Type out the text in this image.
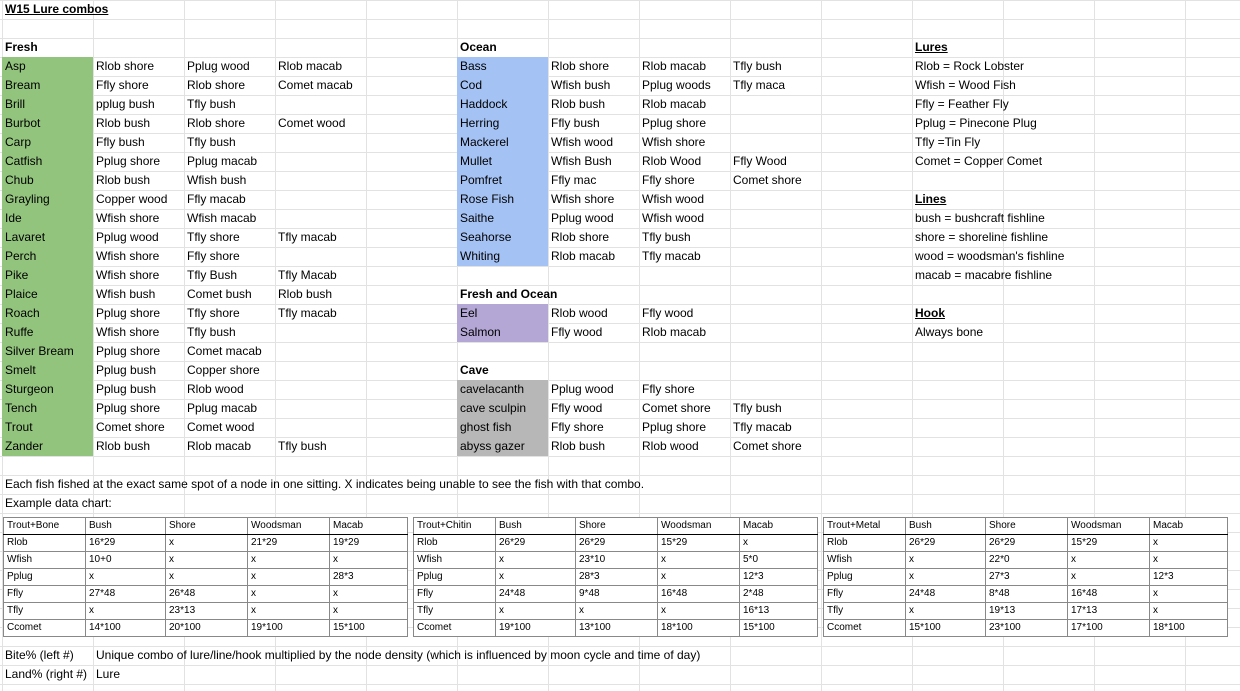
W15 Lure combos
Fresh
Asp	Rlob shore	Pplug wood	Rlob macab
Bream	Ffly shore	Rlob shore	Comet macab
Brill	pplug bush	Tfly bush
Burbot	Rlob bush	Rlob shore	Comet wood
Carp	Ffly bush	Tfly bush
Catfish	Pplug shore	Pplug macab
Chub	Rlob bush	Wfish bush
Grayling	Copper wood	Ffly macab
Ide	Wfish shore	Wfish macab
Lavaret	Pplug wood	Tfly shore	Tfly macab
Perch	Wfish shore	Ffly shore
Pike	Wfish shore	Tfly Bush	Tfly Macab
Plaice	Wfish bush	Comet bush	Rlob bush
Roach	Pplug shore	Tfly shore	Tfly macab
Ruffe	Wfish shore	Tfly bush
Silver Bream	Pplug shore	Comet macab
Smelt	Pplug bush	Copper shore
Sturgeon	Pplug bush	Rlob wood
Tench	Pplug shore	Pplug macab
Trout	Comet shore	Comet wood
Zander	Rlob bush	Rlob macab	Tfly bush
Ocean
Bass	Rlob shore	Rlob macab	Tfly bush
Cod	Wfish bush	Pplug woods	Tfly maca
Haddock	Rlob bush	Rlob macab
Herring	Ffly bush	Pplug shore
Mackerel	Wfish wood	Wfish shore
Mullet	Wfish Bush	Rlob Wood	Ffly Wood
Pomfret	Ffly mac	Ffly shore	Comet shore
Rose Fish	Wfish shore	Wfish wood
Saithe	Pplug wood	Wfish wood
Seahorse	Rlob shore	Tfly bush
Whiting	Rlob macab	Tfly macab
Fresh and Ocean
Eel	Rlob wood	Ffly wood
Salmon	Ffly wood	Rlob macab
Cave
cavelacanth	Pplug wood	Ffly shore
cave sculpin	Ffly wood	Comet shore	Tfly bush
ghost fish	Ffly shore	Pplug shore	Tfly macab
abyss gazer	Rlob bush	Rlob wood	Comet shore
Lures
Rlob = Rock Lobster
Wfish = Wood Fish
Ffly = Feather Fly
Pplug = Pinecone Plug
Tfly =Tin Fly
Comet = Copper Comet
Lines
bush = bushcraft fishline
shore = shoreline fishline
wood = woodsman's fishline
macab = macabre fishline
Hook
Always bone
Each fish fished at the exact same spot of a node in one sitting. X indicates being unable to see the fish with that combo.
Example data chart:
Trout+Bone	Bush	Shore	Woodsman	Macab
Rlob	16*29	x	21*29	19*29
Wfish	10+0	x	x	x
Pplug	x	x	x	28*3
Ffly	27*48	26*48	x	x
Tfly	x	23*13	x	x
Ccomet	14*100	20*100	19*100	15*100
Trout+Chitin	Bush	Shore	Woodsman	Macab
Rlob	26*29	26*29	15*29	x
Wfish	x	23*10	x	5*0
Pplug	x	28*3	x	12*3
Ffly	24*48	9*48	16*48	2*48
Tfly	x	x	x	16*13
Ccomet	19*100	13*100	18*100	15*100
Trout+Metal	Bush	Shore	Woodsman	Macab
Rlob	26*29	26*29	15*29	x
Wfish	x	22*0	x	x
Pplug	x	27*3	x	12*3
Ffly	24*48	8*48	16*48	x
Tfly	x	19*13	17*13	x
Ccomet	15*100	23*100	17*100	18*100
Bite% (left #)	Unique combo of lure/line/hook multiplied by the node density (which is influenced by moon cycle and time of day)
Land% (right #) Lure
